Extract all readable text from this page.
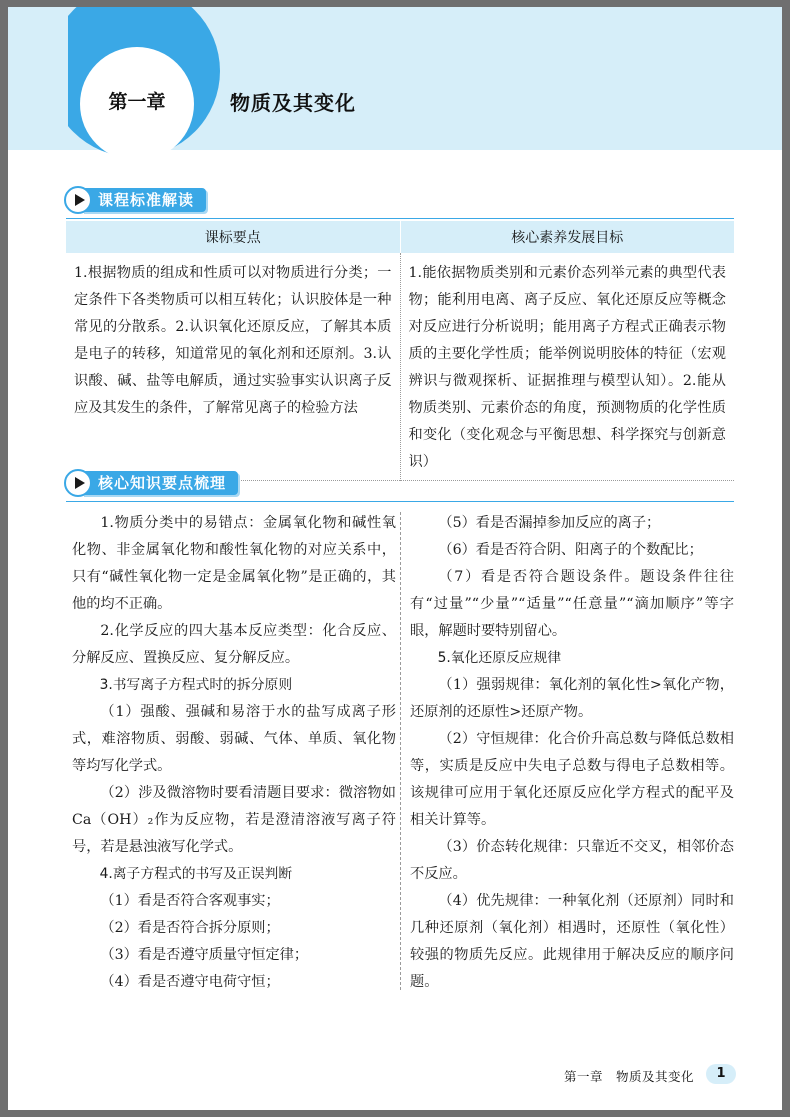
第一章	物质及其变化
课程标准解读
课标要点	核心素养发展目标
1.根据物质的组成和性质可以对物质进行分类；一定条件下各类物质可以相互转化；认识胶体是一种常见的分散系。2.认识氧化还原反应，了解其本质是电子的转移，知道常见的氧化剂和还原剂。3.认识酸、碱、盐等电解质，通过实验事实认识离子反应及其发生的条件，了解常见离子的检验方法	1.能依据物质类别和元素价态列举元素的典型代表物；能利用电离、离子反应、氧化还原反应等概念对反应进行分析说明；能用离子方程式正确表示物质的主要化学性质；能举例说明胶体的特征（宏观辨识与微观探析、证据推理与模型认知）。2.能从物质类别、元素价态的角度，预测物质的化学性质和变化（变化观念与平衡思想、科学探究与创新意识）
核心知识要点梳理

1.物质分类中的易错点：金属氧化物和碱性氧化物、非金属氧化物和酸性氧化物的对应关系中，只有“碱性氧化物一定是金属氧化物”是正确的，其他的均不正确。

2.化学反应的四大基本反应类型：化合反应、分解反应、置换反应、复分解反应。

3.书写离子方程式时的拆分原则

（1）强酸、强碱和易溶于水的盐写成离子形式，难溶物质、弱酸、弱碱、气体、单质、氧化物等均写化学式。

（2）涉及微溶物时要看清题目要求：微溶物如Ca（OH）₂作为反应物，若是澄清溶液写离子符号，若是悬浊液写化学式。

4.离子方程式的书写及正误判断

（1）看是否符合客观事实；

（2）看是否符合拆分原则；

（3）看是否遵守质量守恒定律；

（4）看是否遵守电荷守恒；

（5）看是否漏掉参加反应的离子；

（6）看是否符合阴、阳离子的个数配比；

（7）看是否符合题设条件。题设条件往往有“过量”“少量”“适量”“任意量”“滴加顺序”等字眼，解题时要特别留心。

5.氧化还原反应规律

（1）强弱规律：氧化剂的氧化性>氧化产物，还原剂的还原性>还原产物。

（2）守恒规律：化合价升高总数与降低总数相等，实质是反应中失电子总数与得电子总数相等。该规律可应用于氧化还原反应化学方程式的配平及相关计算等。

（3）价态转化规律：只靠近不交叉，相邻价态不反应。

（4）优先规律：一种氧化剂（还原剂）同时和几种还原剂（氧化剂）相遇时，还原性（氧化性）较强的物质先反应。此规律用于解决反应的顺序问题。

第一章　物质及其变化	1
